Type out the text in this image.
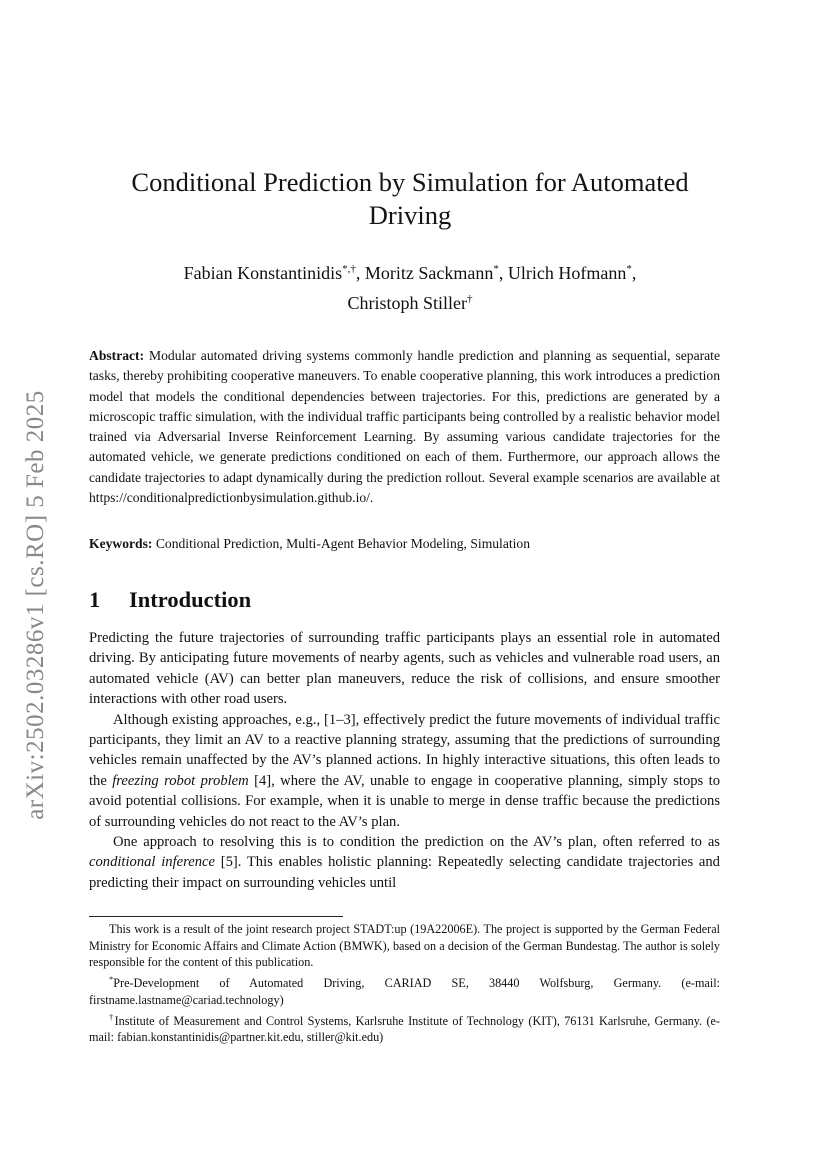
arXiv:2502.03286v1 [cs.RO] 5 Feb 2025
Conditional Prediction by Simulation for Automated Driving
Fabian Konstantinidis*,†, Moritz Sackmann*, Ulrich Hofmann*,
Christoph Stiller†
Abstract: Modular automated driving systems commonly handle prediction and planning as sequential, separate tasks, thereby prohibiting cooperative maneuvers. To enable cooperative planning, this work introduces a prediction model that models the conditional dependencies between trajectories. For this, predictions are generated by a microscopic traffic simulation, with the individual traffic participants being controlled by a realistic behavior model trained via Adversarial Inverse Reinforcement Learning. By assuming various candidate trajectories for the automated vehicle, we generate predictions conditioned on each of them. Furthermore, our approach allows the candidate trajectories to adapt dynamically during the prediction rollout. Several example scenarios are available at https://conditionalpredictionbysimulation.github.io/.
Keywords: Conditional Prediction, Multi-Agent Behavior Modeling, Simulation
1 Introduction

Predicting the future trajectories of surrounding traffic participants plays an essential role in automated driving. By anticipating future movements of nearby agents, such as vehicles and vulnerable road users, an automated vehicle (AV) can better plan maneuvers, reduce the risk of collisions, and ensure smoother interactions with other road users.

Although existing approaches, e.g., [1–3], effectively predict the future movements of individual traffic participants, they limit an AV to a reactive planning strategy, assuming that the predictions of surrounding vehicles remain unaffected by the AV’s planned actions. In highly interactive situations, this often leads to the freezing robot problem [4], where the AV, unable to engage in cooperative planning, simply stops to avoid potential collisions. For example, when it is unable to merge in dense traffic because the predictions of surrounding vehicles do not react to the AV’s plan.

One approach to resolving this is to condition the prediction on the AV’s plan, often referred to as conditional inference [5]. This enables holistic planning: Repeatedly selecting candidate trajectories and predicting their impact on surrounding vehicles until

This work is a result of the joint research project STADT:up (19A22006E). The project is supported by the German Federal Ministry for Economic Affairs and Climate Action (BMWK), based on a decision of the German Bundestag. The author is solely responsible for the content of this publication.

*Pre-Development of Automated Driving, CARIAD SE, 38440 Wolfsburg, Germany. (e-mail: firstname.lastname@cariad.technology)

†Institute of Measurement and Control Systems, Karlsruhe Institute of Technology (KIT), 76131 Karlsruhe, Germany. (e-mail: fabian.konstantinidis@partner.kit.edu, stiller@kit.edu)
